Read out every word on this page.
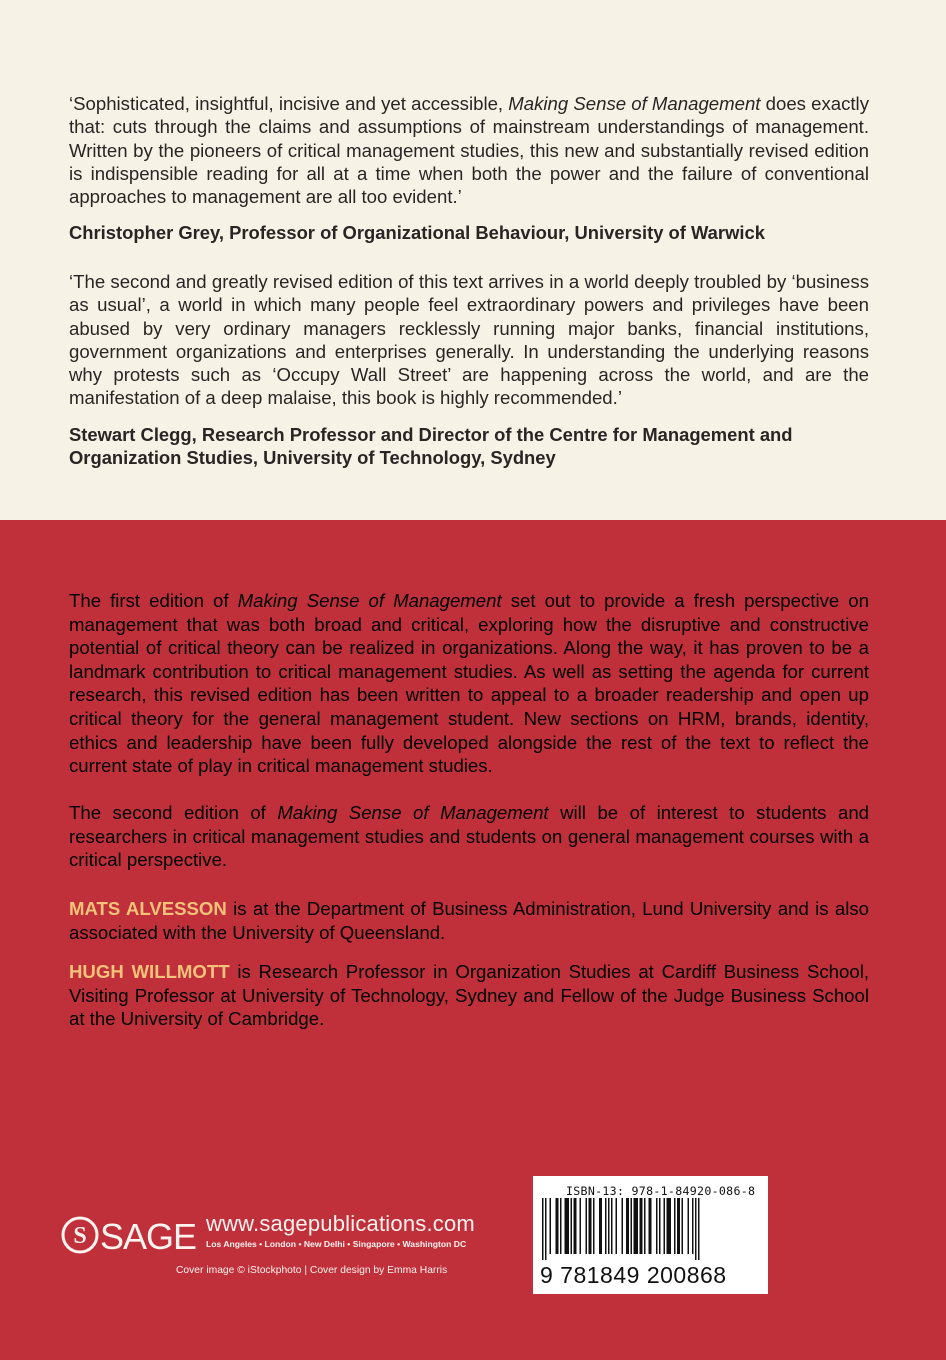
‘Sophisticated, insightful, incisive and yet accessible, Making Sense of Management does exactly that: cuts through the claims and assumptions of mainstream understandings of management. Written by the pioneers of critical management studies, this new and substantially revised edition is indispensible reading for all at a time when both the power and the failure of conventional approaches to management are all too evident.’

Christopher Grey, Professor of Organizational Behaviour, University of Warwick

‘The second and greatly revised edition of this text arrives in a world deeply troubled by ‘business as usual’, a world in which many people feel extraordinary powers and privileges have been abused by very ordinary managers recklessly running major banks, financial institutions, government organizations and enterprises generally. In understanding the underlying reasons why protests such as ‘Occupy Wall Street’ are happening across the world, and are the manifestation of a deep malaise, this book is highly recommended.’

Stewart Clegg, Research Professor and Director of the Centre for Management and Organization Studies, University of Technology, Sydney

The first edition of Making Sense of Management set out to provide a fresh perspective on management that was both broad and critical, exploring how the disruptive and constructive potential of critical theory can be realized in organizations. Along the way, it has proven to be a landmark contribution to critical management studies. As well as setting the agenda for current research, this revised edition has been written to appeal to a broader readership and open up critical theory for the general management student. New sections on HRM, brands, identity, ethics and leadership have been fully developed alongside the rest of the text to reflect the current state of play in critical management studies.

The second edition of Making Sense of Management will be of interest to students and researchers in critical management studies and students on general management courses with a critical perspective.

MATS ALVESSON is at the Department of Business Administration, Lund University and is also associated with the University of Queensland.

HUGH WILLMOTT is Research Professor in Organization Studies at Cardiff Business School, Visiting Professor at University of Technology, Sydney and Fellow of the Judge Business School at the University of Cambridge.

S SAGE www.sagepublications.com
Los Angeles • London • New Delhi • Singapore • Washington DC
Cover image © iStockphoto | Cover design by Emma Harris
ISBN-13: 978-1-84920-086-8
9 781849 200868
